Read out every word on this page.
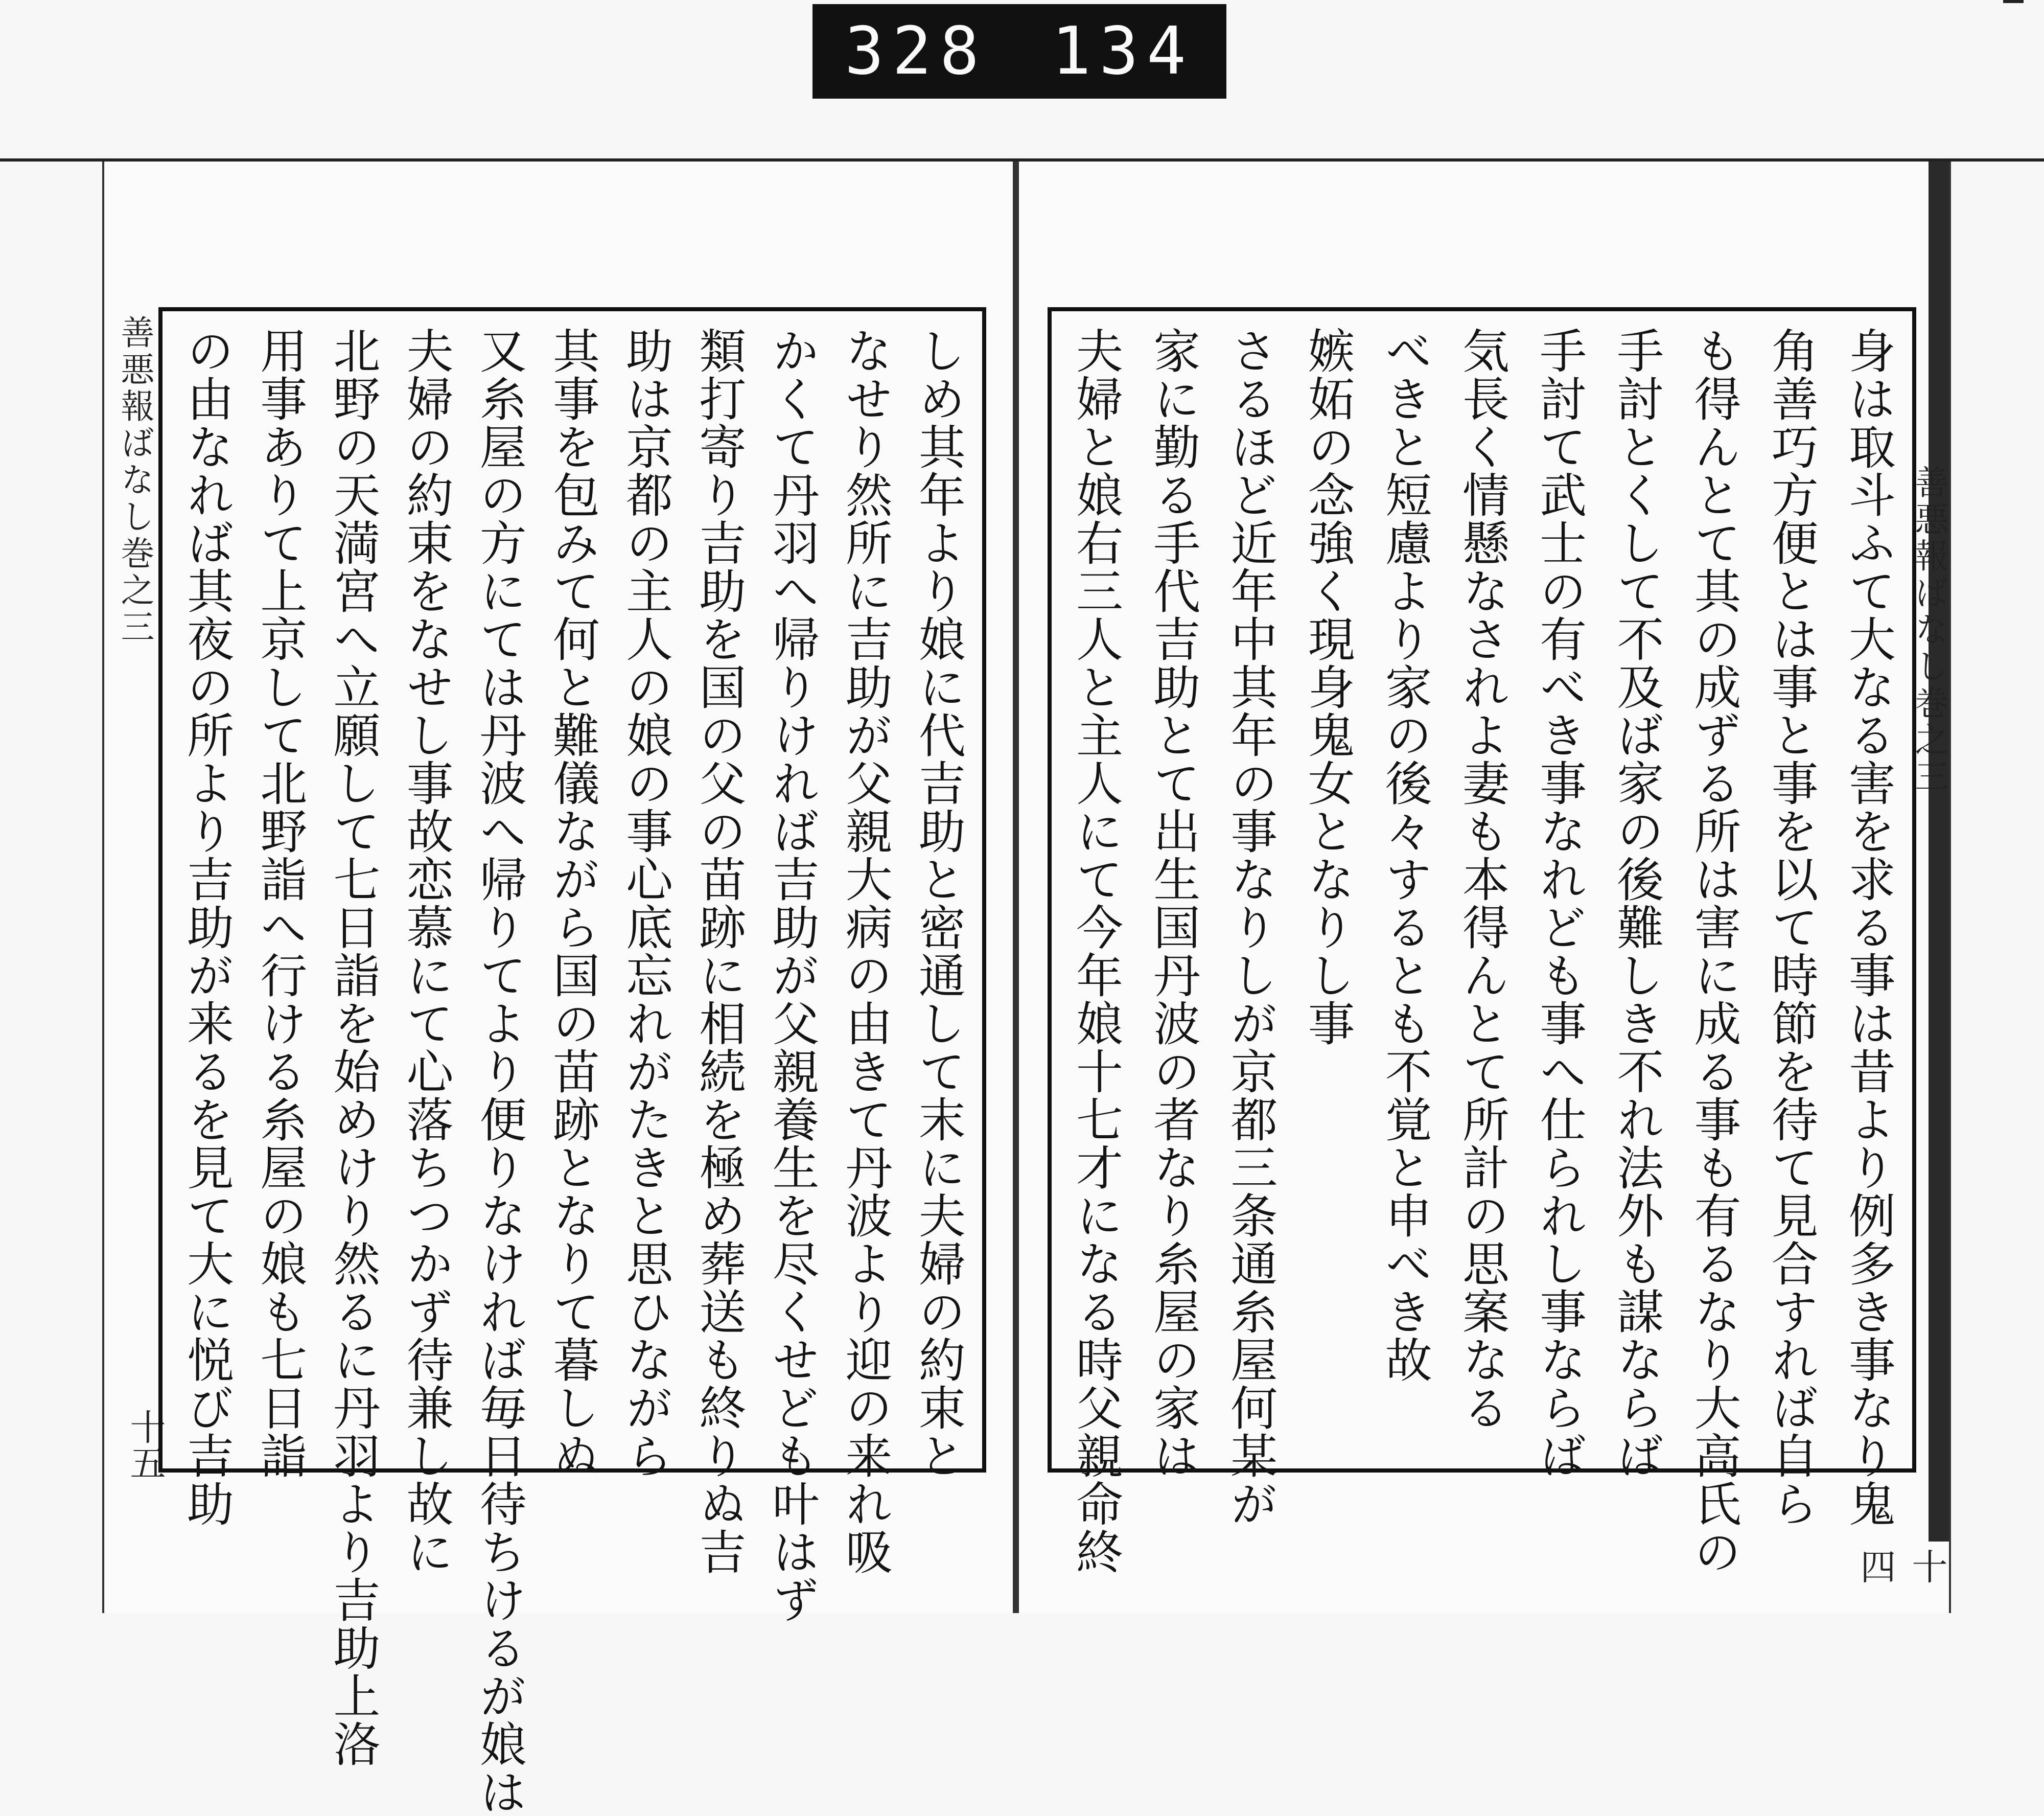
328 134
善悪報ばなし巻之三
十五	しめ其年より娘に代吉助と密通して末に夫婦の約束と
なせり然所に吉助が父親大病の由きて丹波より迎の来れ吸
かくて丹羽へ帰りければ吉助が父親養生を尽くせども叶はず
類打寄り吉助を国の父の苗跡に相続を極め葬送も終りぬ吉
助は京都の主人の娘の事心底忘れがたきと思ひながら
其事を包みて何と難儀ながら国の苗跡となりて暮しぬ
又糸屋の方にては丹波へ帰りてより便りなければ毎日待ちけるが娘は
夫婦の約束をなせし事故恋慕にて心落ちつかず待兼し故に
北野の天満宮へ立願して七日詣を始めけり然るに丹羽より吉助上洛
用事ありて上京して北野詣へ行ける糸屋の娘も七日詣
の由なれば其夜の所より吉助が来るを見て大に悦び吉助	身は取斗ふて大なる害を求る事は昔より例多き事なり鬼
角善巧方便とは事と事を以て時節を待て見合すれば自ら
も得んとて其の成ずる所は害に成る事も有るなり大高氏の
手討とくして不及ば家の後難しき不れ法外も謀ならば
手討て武士の有べき事なれども事へ仕られし事ならば
気長く情懸なされよ妻も本得んとて所計の思案なる
べきと短慮より家の後々するとも不覚と申べき故
嫉妬の念強く現身鬼女となりし事
さるほど近年中其年の事なりしが京都三条通糸屋何某が
家に勤る手代吉助とて出生国丹波の者なり糸屋の家は
夫婦と娘右三人と主人にて今年娘十七才になる時父親命終	善悪報ばなし巻之三
十四
